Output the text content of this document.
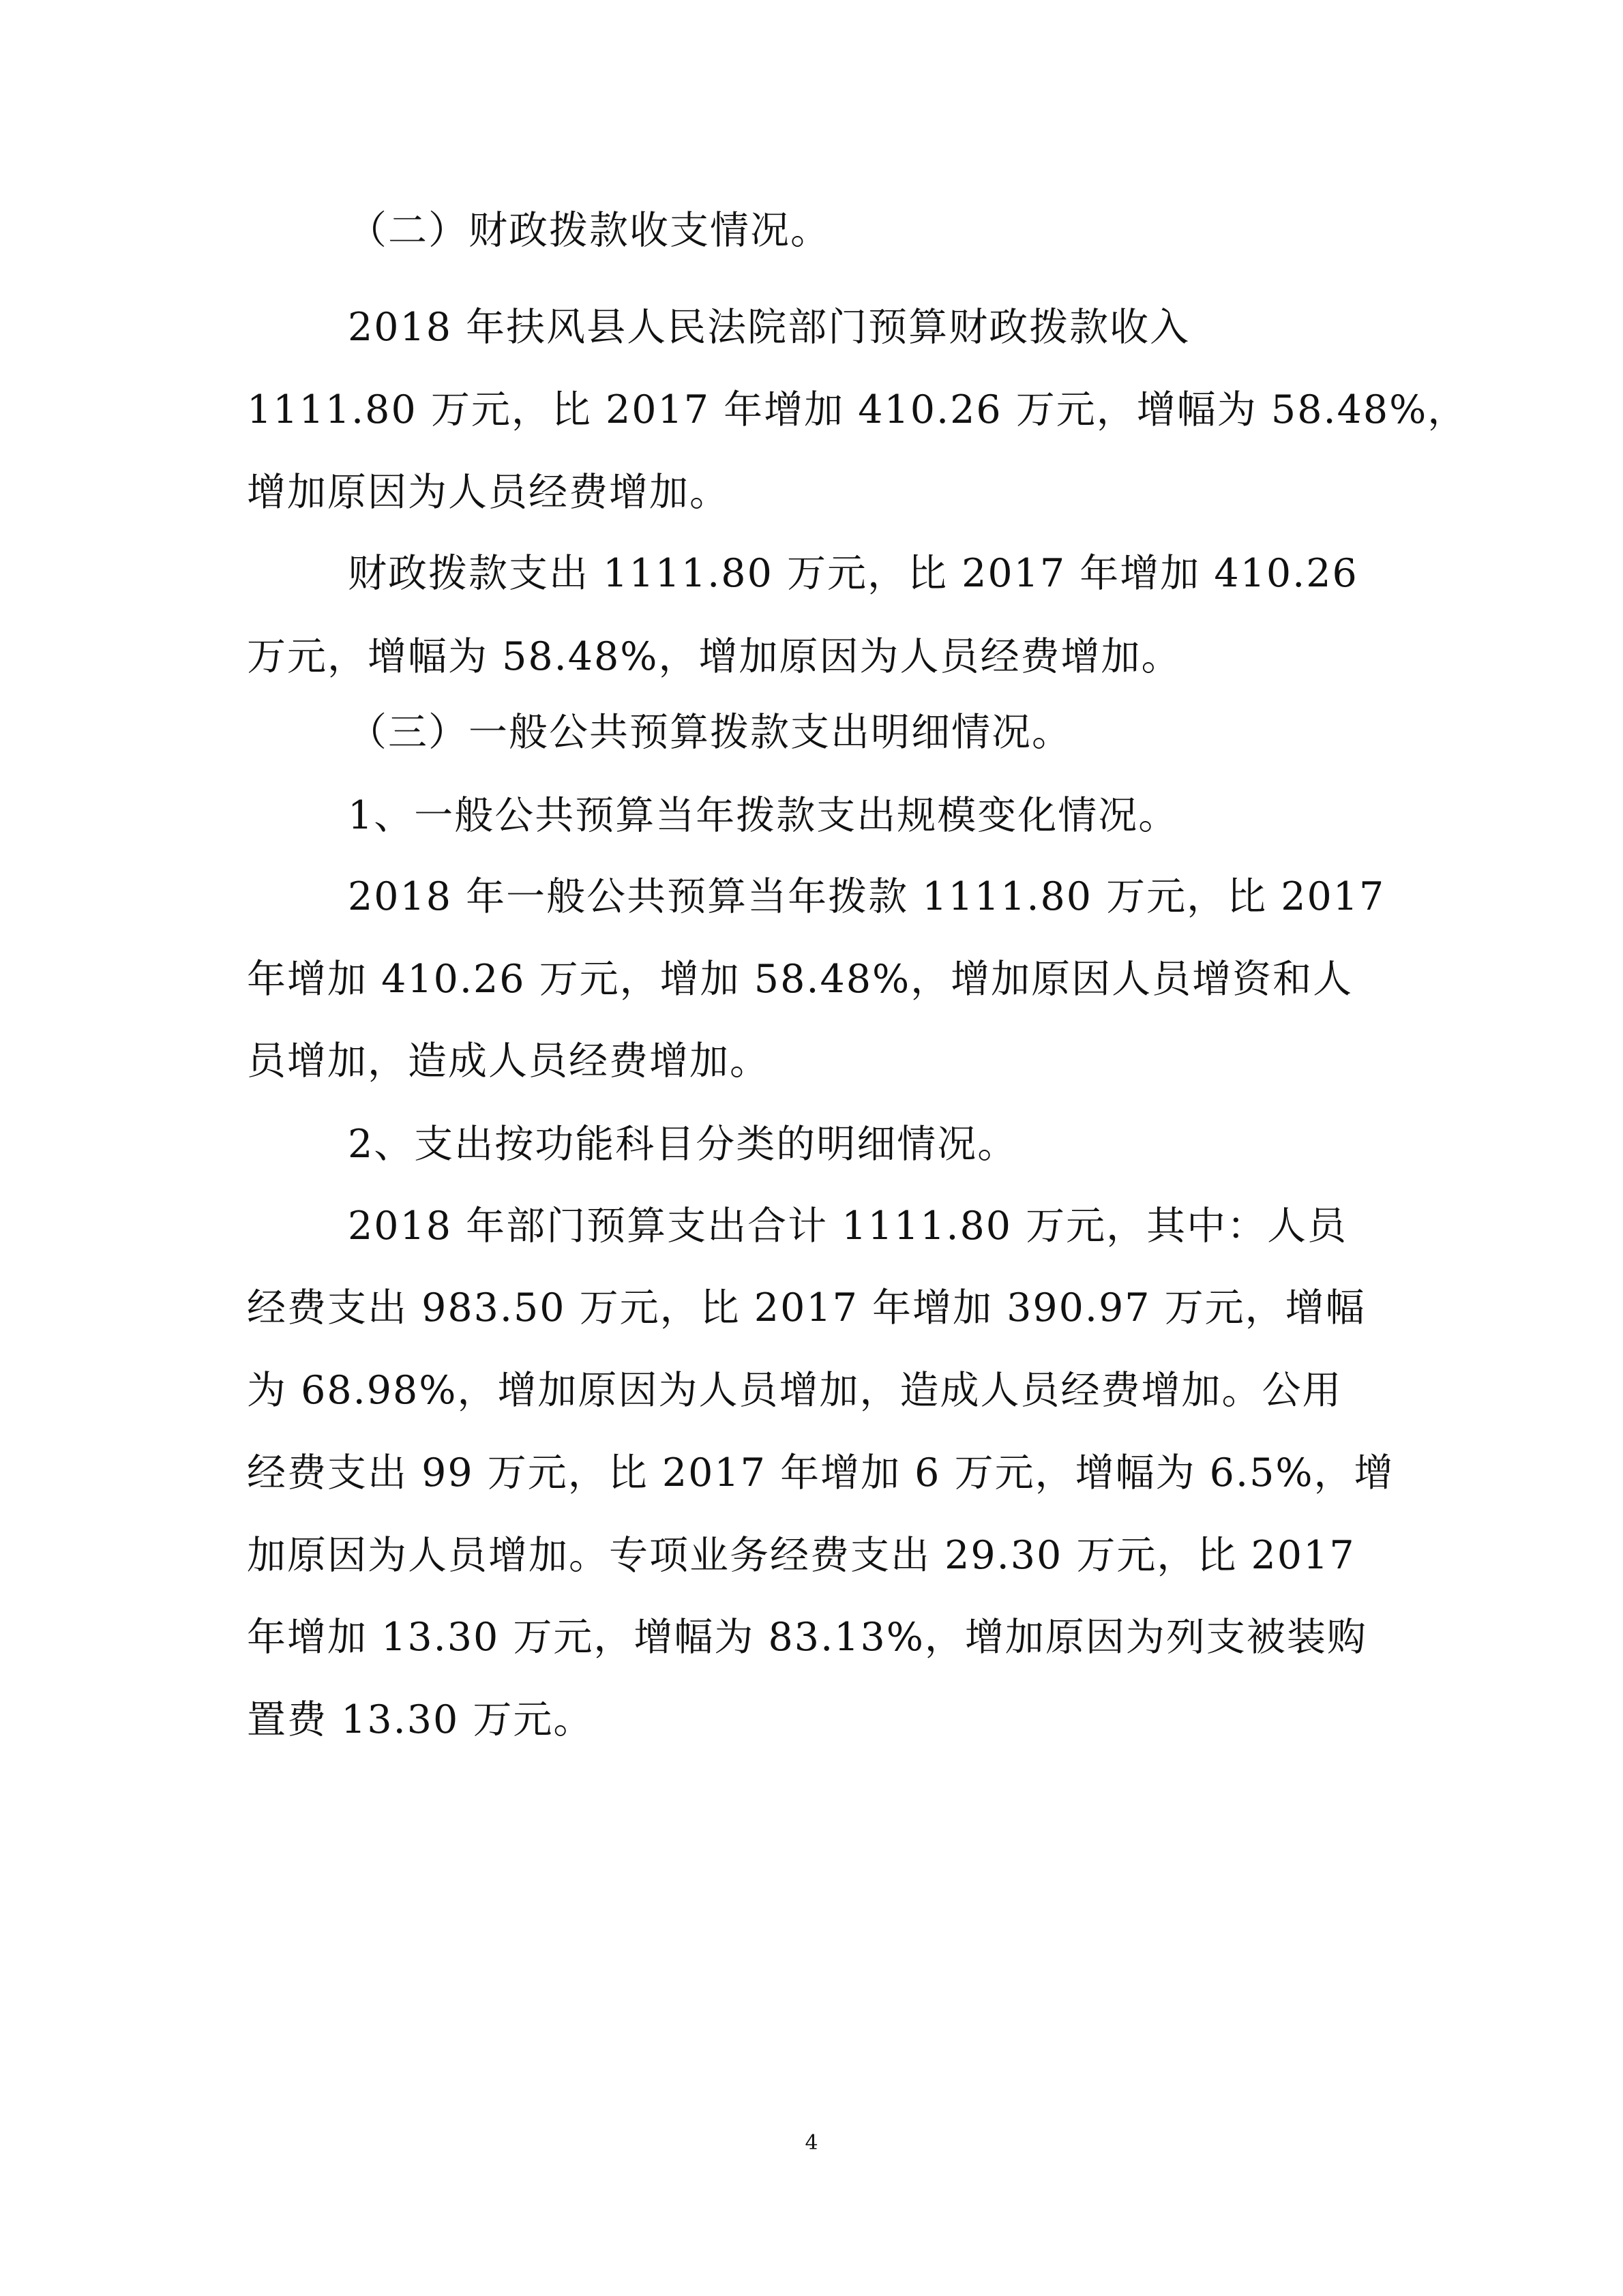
（二）财政拨款收支情况。
2018 年扶风县人民法院部门预算财政拨款收入
1111.80 万元，比 2017 年增加 410.26 万元，增幅为 58.48%，
增加原因为人员经费增加。
财政拨款支出 1111.80 万元，比 2017 年增加 410.26
万元，增幅为 58.48%，增加原因为人员经费增加。
（三）一般公共预算拨款支出明细情况。
1、一般公共预算当年拨款支出规模变化情况。
2018 年一般公共预算当年拨款 1111.80 万元，比 2017
年增加 410.26 万元，增加 58.48%，增加原因人员增资和人
员增加，造成人员经费增加。
2、支出按功能科目分类的明细情况。
2018 年部门预算支出合计 1111.80 万元，其中：人员
经费支出 983.50 万元，比 2017 年增加 390.97 万元，增幅
为 68.98%，增加原因为人员增加，造成人员经费增加。公用
经费支出 99 万元，比 2017 年增加 6 万元，增幅为 6.5%，增
加原因为人员增加。专项业务经费支出 29.30 万元，比 2017
年增加 13.30 万元，增幅为 83.13%，增加原因为列支被装购
置费 13.30 万元。
4
